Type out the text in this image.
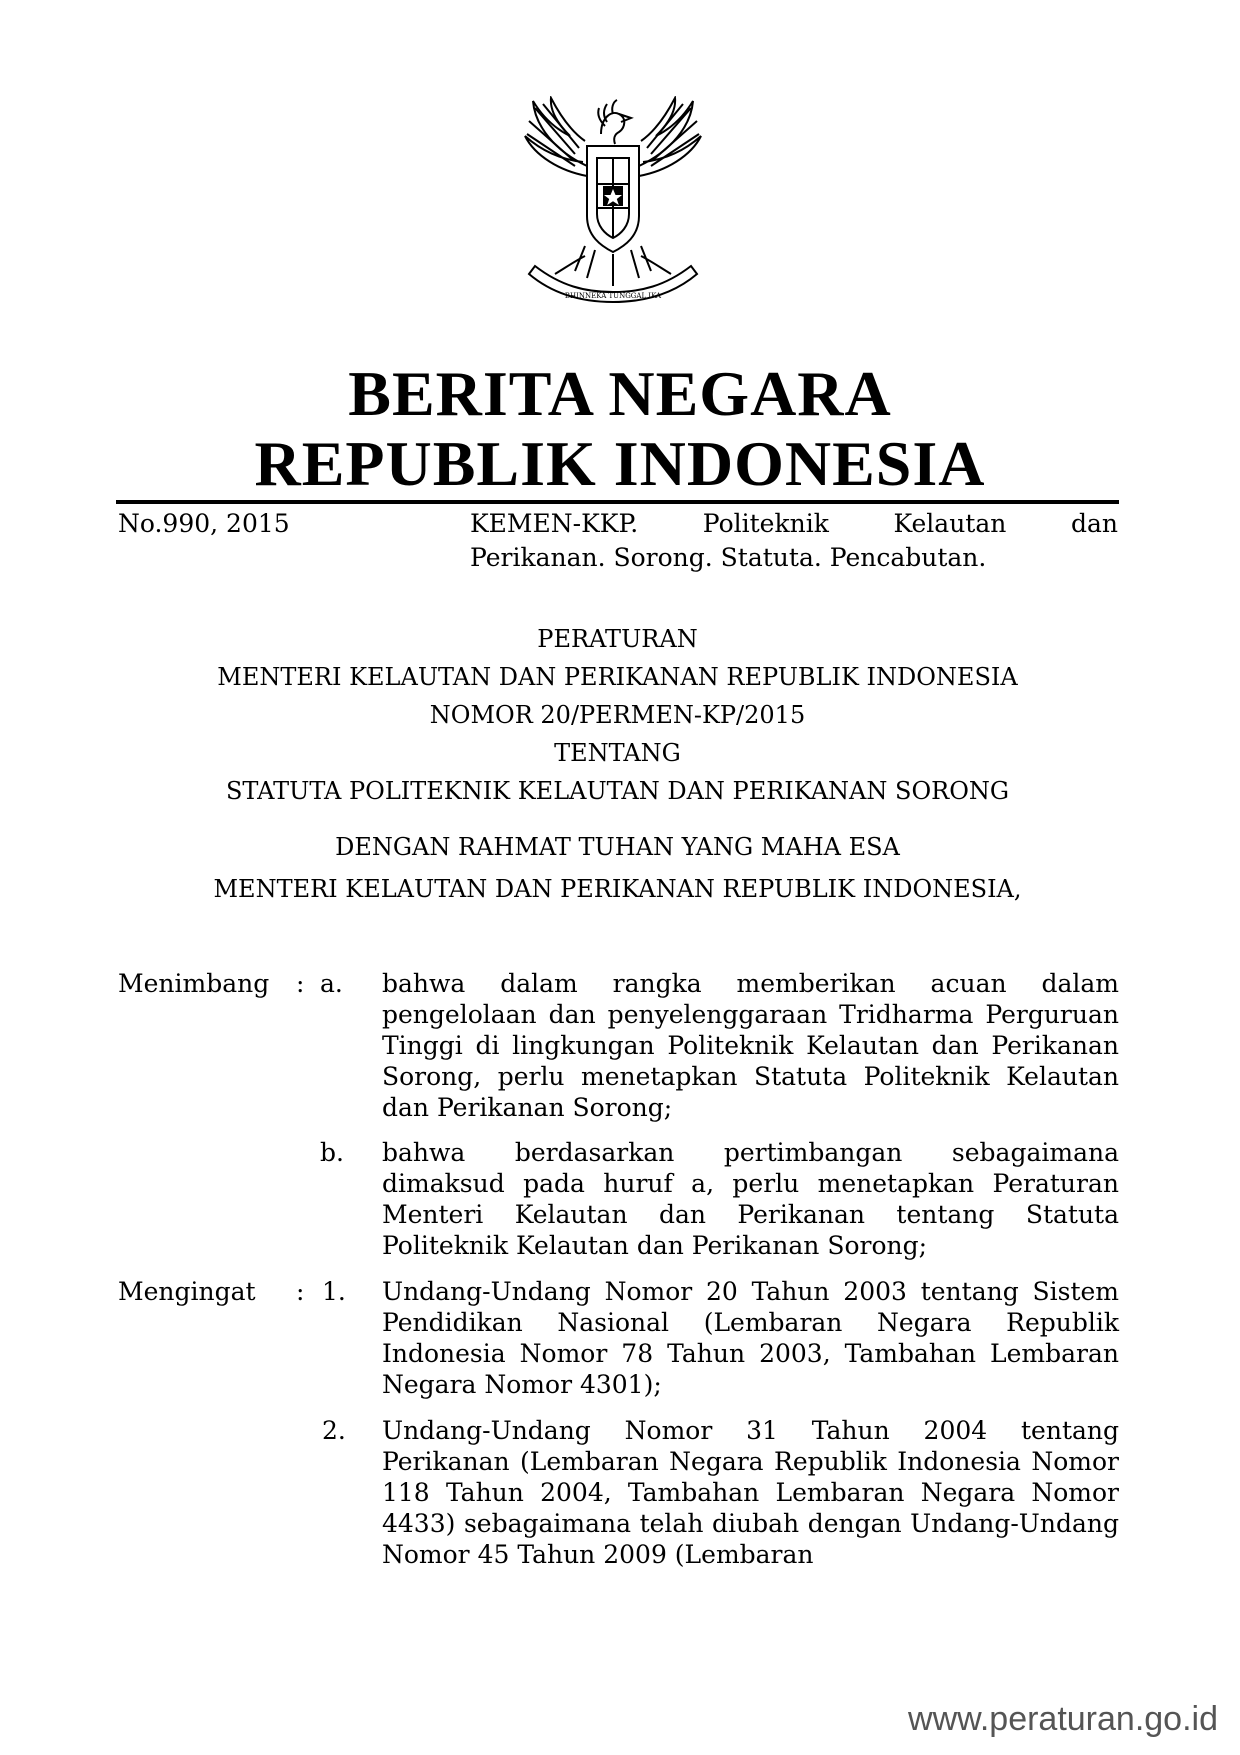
BHINNEKA TUNGGAL IKA
BERITA NEGARA
REPUBLIK INDONESIA
No.990, 2015	KEMEN-KKP.	Politeknik	Kelautan	dan
Perikanan. Sorong. Statuta. Pencabutan.
PERATURAN
MENTERI KELAUTAN DAN PERIKANAN REPUBLIK INDONESIA
NOMOR 20/PERMEN-KP/2015
TENTANG
STATUTA POLITEKNIK KELAUTAN DAN PERIKANAN SORONG
DENGAN RAHMAT TUHAN YANG MAHA ESA
MENTERI KELAUTAN DAN PERIKANAN REPUBLIK INDONESIA,
Menimbang : a. bahwa dalam rangka memberikan acuan dalam pengelolaan dan penyelenggaraan Tridharma Perguruan Tinggi di lingkungan Politeknik Kelautan dan Perikanan Sorong, perlu menetapkan Statuta Politeknik Kelautan dan Perikanan Sorong;
b. bahwa berdasarkan pertimbangan sebagaimana dimaksud pada huruf a, perlu menetapkan Peraturan Menteri Kelautan dan Perikanan tentang Statuta Politeknik Kelautan dan Perikanan Sorong;
Mengingat : 1. Undang-Undang Nomor 20 Tahun 2003 tentang Sistem Pendidikan Nasional (Lembaran Negara Republik Indonesia Nomor 78 Tahun 2003, Tambahan Lembaran Negara Nomor 4301);
2. Undang-Undang Nomor 31 Tahun 2004 tentang Perikanan (Lembaran Negara Republik Indonesia Nomor 118 Tahun 2004, Tambahan Lembaran Negara Nomor 4433) sebagaimana telah diubah dengan Undang-Undang Nomor 45 Tahun 2009 (Lembaran
www.peraturan.go.id
